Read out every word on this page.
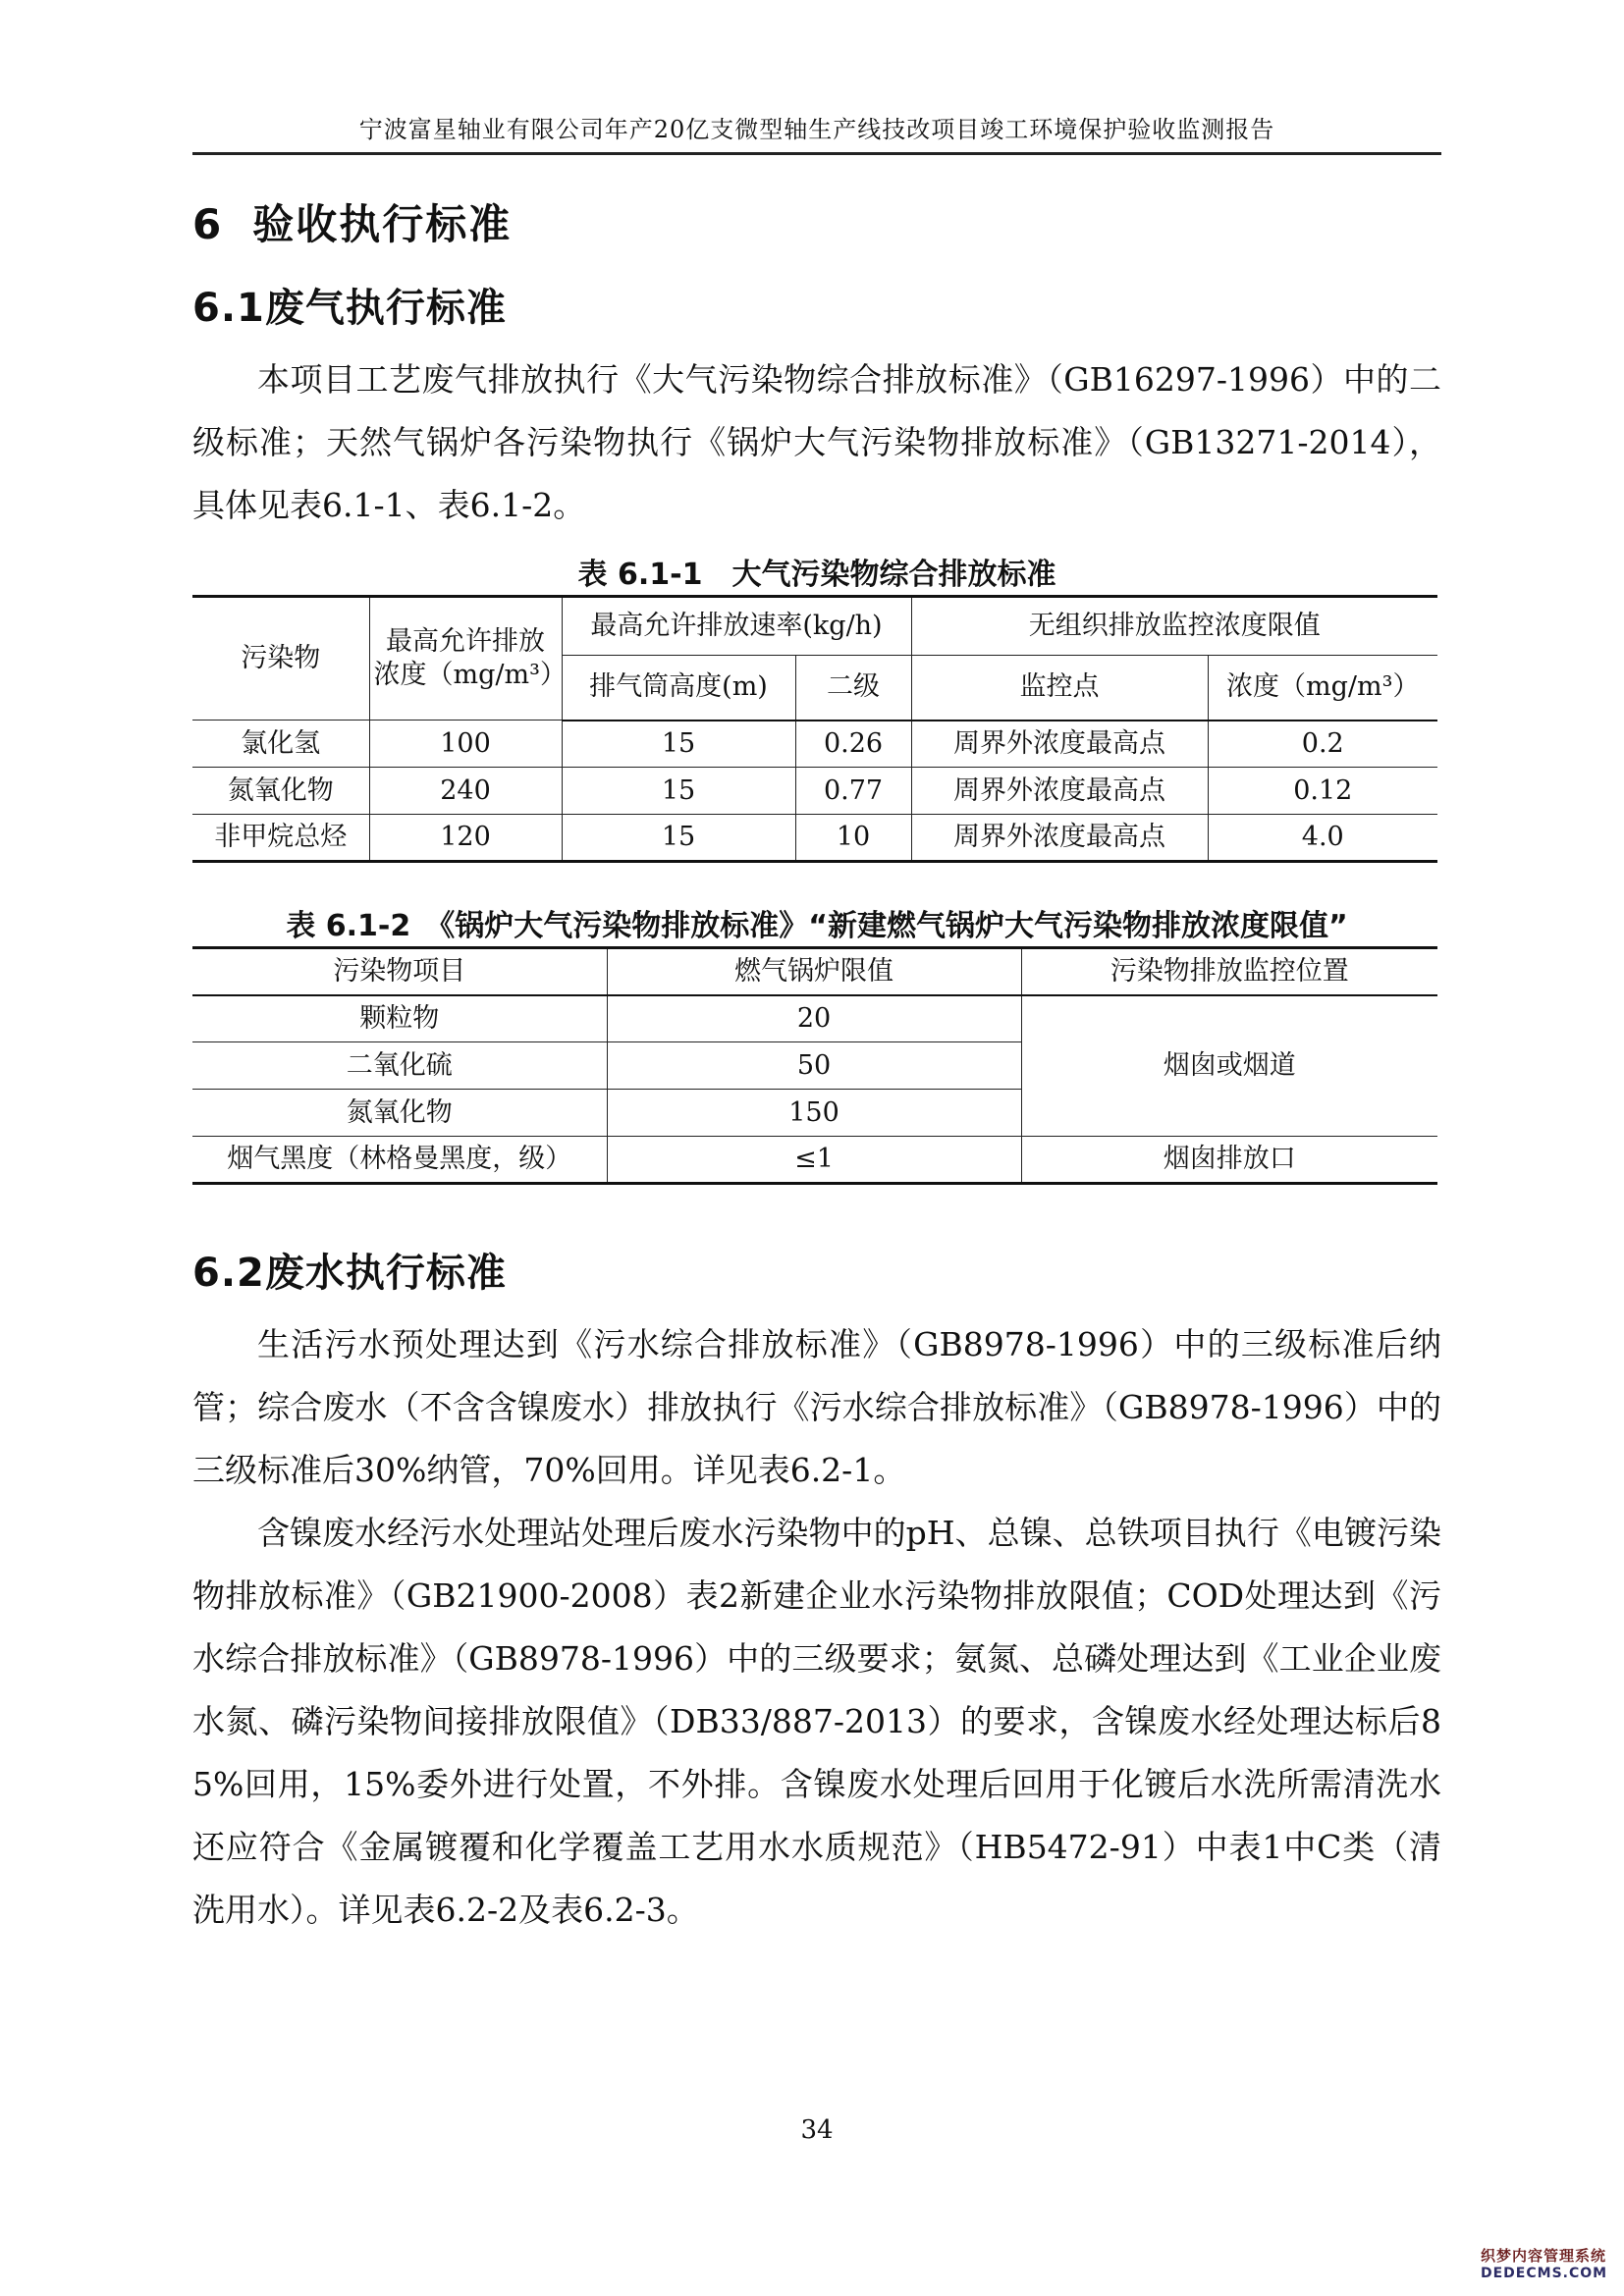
宁波富星轴业有限公司年产20亿支微型轴生产线技改项目竣工环境保护验收监测报告
6 验收执行标准
6.1废气执行标准
本项目工艺废气排放执行《大气污染物综合排放标准》（GB16297-1996）中的二级标准；天然气锅炉各污染物执行《锅炉大气污染物排放标准》（GB13271-2014），具体见表6.1-1、表6.1-2。
表 6.1-1　大气污染物综合排放标准
污染物	最高允许排放浓度（mg/m³）	最高允许排放速率(kg/h)		无组织排放监控浓度限值	
		排气筒高度(m)	二级	监控点	浓度（mg/m³）
氯化氢	100	15	0.26	周界外浓度最高点	0.2
氮氧化物	240	15	0.77	周界外浓度最高点	0.12
非甲烷总烃	120	15	10	周界外浓度最高点	4.0
表 6.1-2　《锅炉大气污染物排放标准》“新建燃气锅炉大气污染物排放浓度限值”
污染物项目	燃气锅炉限值	污染物排放监控位置
颗粒物	20	烟囱或烟道
二氧化硫	50	
氮氧化物	150	
烟气黑度（林格曼黑度，级）	≤1	烟囱排放口
6.2废水执行标准
生活污水预处理达到《污水综合排放标准》（GB8978-1996）中的三级标准后纳管；综合废水（不含含镍废水）排放执行《污水综合排放标准》（GB8978-1996）中的三级标准后30%纳管，70%回用。详见表6.2-1。
含镍废水经污水处理站处理后废水污染物中的pH、总镍、总铁项目执行《电镀污染物排放标准》（GB21900-2008）表2新建企业水污染物排放限值；COD处理达到《污水综合排放标准》（GB8978-1996）中的三级要求；氨氮、总磷处理达到《工业企业废水氮、磷污染物间接排放限值》（DB33/887-2013）的要求，含镍废水经处理达标后85%回用，15%委外进行处置，不外排。含镍废水处理后回用于化镀后水洗所需清洗水还应符合《金属镀覆和化学覆盖工艺用水水质规范》（HB5472-91）中表1中C类（清洗用水）。详见表6.2-2及表6.2-3。
34
织梦内容管理系统
DEDECMS.COM
